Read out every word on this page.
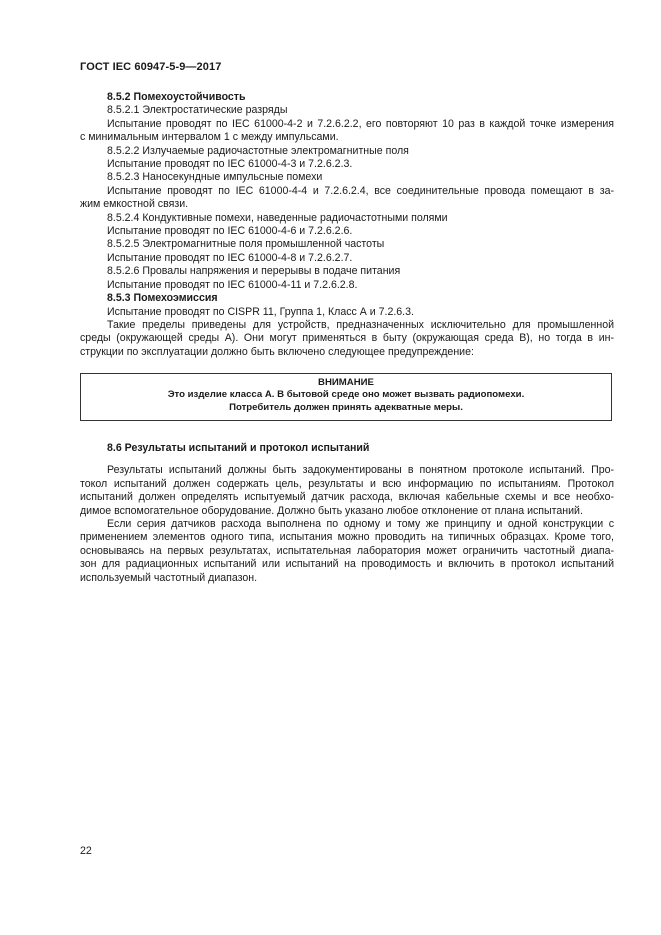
ГОСТ IEC 60947-5-9—2017
8.5.2 Помехоустойчивость
8.5.2.1 Электростатические разряды
Испытание проводят по IEC 61000-4-2 и 7.2.6.2.2, его повторяют 10 раз в каждой точке измерения
с минимальным интервалом 1 с между импульсами.
8.5.2.2 Излучаемые радиочастотные электромагнитные поля
Испытание проводят по IEC 61000-4-3 и 7.2.6.2.3.
8.5.2.3 Наносекундные импульсные помехи
Испытание проводят по IEC 61000-4-4 и 7.2.6.2.4, все соединительные провода помещают в за-
жим емкостной связи.
8.5.2.4 Кондуктивные помехи, наведенные радиочастотными полями
Испытание проводят по IEC 61000-4-6 и 7.2.6.2.6.
8.5.2.5 Электромагнитные поля промышленной частоты
Испытание проводят по IEC 61000-4-8 и 7.2.6.2.7.
8.5.2.6 Провалы напряжения и перерывы в подаче питания
Испытание проводят по IEC 61000-4-11 и 7.2.6.2.8.
8.5.3 Помехоэмиссия
Испытание проводят по CISPR 11, Группа 1, Класс А и 7.2.6.3.
Такие пределы приведены для устройств, предназначенных исключительно для промышленной
среды (окружающей среды А). Они могут применяться в быту (окружающая среда В), но тогда в ин-
струкции по эксплуатации должно быть включено следующее предупреждение:
ВНИМАНИЕ
Это изделие класса А. В бытовой среде оно может вызвать радиопомехи.
Потребитель должен принять адекватные меры.
8.6 Результаты испытаний и протокол испытаний
Результаты испытаний должны быть задокументированы в понятном протоколе испытаний. Про-
токол испытаний должен содержать цель, результаты и всю информацию по испытаниям. Протокол
испытаний должен определять испытуемый датчик расхода, включая кабельные схемы и все необхо-
димое вспомогательное оборудование. Должно быть указано любое отклонение от плана испытаний.
Если серия датчиков расхода выполнена по одному и тому же принципу и одной конструкции с
применением элементов одного типа, испытания можно проводить на типичных образцах. Кроме того,
основываясь на первых результатах, испытательная лаборатория может ограничить частотный диапа-
зон для радиационных испытаний или испытаний на проводимость и включить в протокол испытаний
используемый частотный диапазон.
22
